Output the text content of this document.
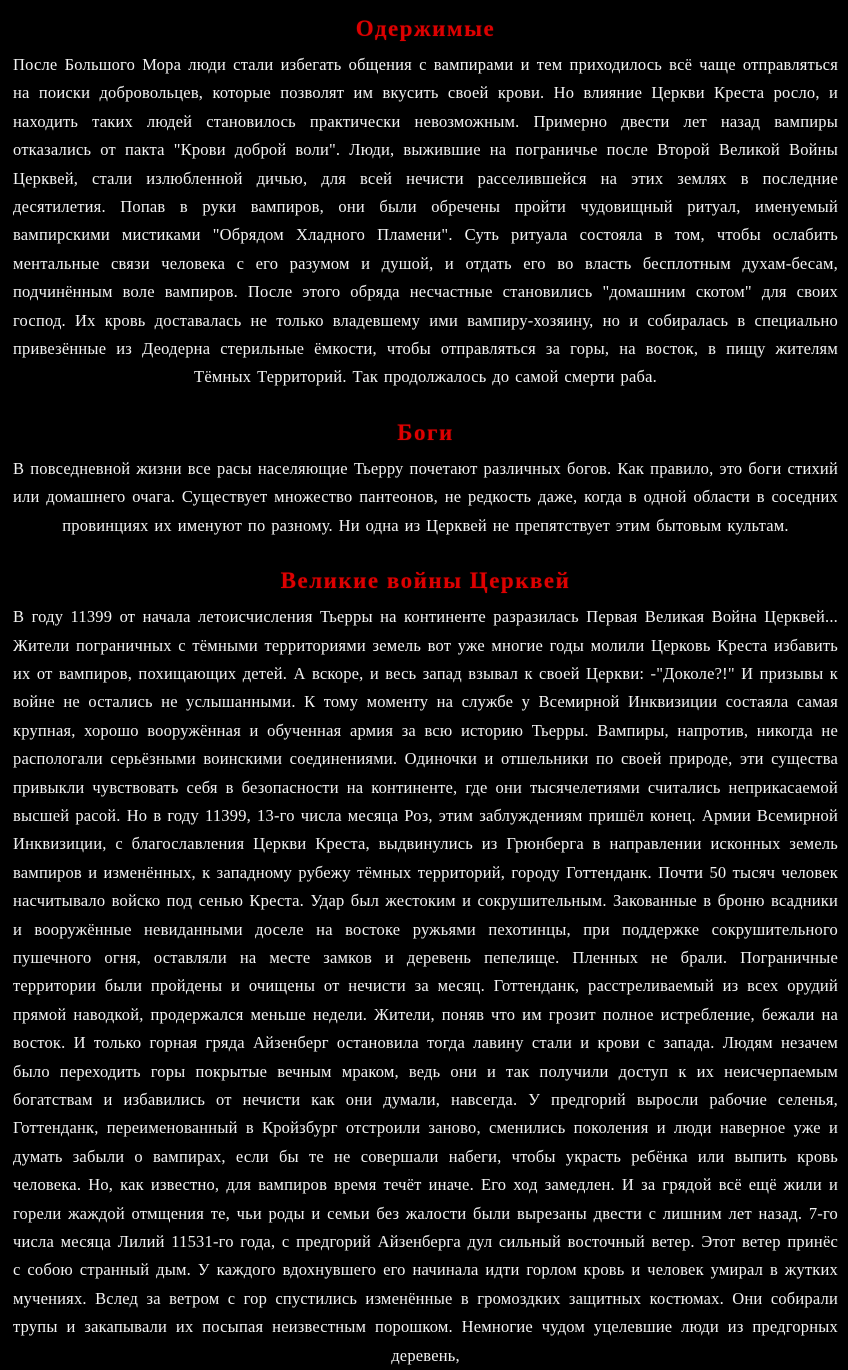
Одержимые

После Большого Мора люди стали избегать общения с вампирами и тем приходилось всё чаще отправляться на поиски добровольцев, которые позволят им вкусить своей крови. Но влияние Церкви Креста росло, и находить таких людей становилось практически невозможным. Примерно двести лет назад вампиры отказались от пакта "Крови доброй воли". Люди, выжившие на пограничье после Второй Великой Войны Церквей, стали излюбленной дичью, для всей нечисти расселившейся на этих землях в последние десятилетия. Попав в руки вампиров, они были обречены пройти чудовищный ритуал, именуемый вампирскими мистиками "Обрядом Хладного Пламени". Суть ритуала состояла в том, чтобы ослабить ментальные связи человека с его разумом и душой, и отдать его во власть бесплотным духам-бесам, подчинённым воле вампиров. После этого обряда несчастные становились "домашним скотом" для своих господ. Их кровь доставалась не только владевшему ими вампиру-хозяину, но и собиралась в специально привезённые из Деодерна стерильные ёмкости, чтобы отправляться за горы, на восток, в пищу жителям Тёмных Территорий. Так продолжалось до самой смерти раба.

Боги

В повседневной жизни все расы населяющие Тьерру почетают различных богов. Как правило, это боги стихий или домашнего очага. Существует множество пантеонов, не редкость даже, когда в одной области в соседних провинциях их именуют по разному. Ни одна из Церквей не препятствует этим бытовым культам.

Великие войны Церквей

В году 11399 от начала летоисчисления Тьерры на континенте разразилась Первая Великая Война Церквей... Жители пограничных с тёмными территориями земель вот уже многие годы молили Церковь Креста избавить их от вампиров, похищающих детей. А вскоре, и весь запад взывал к своей Церкви: -"Доколе?!" И призывы к войне не остались не услышанными. К тому моменту на службе у Всемирной Инквизиции состаяла самая крупная, хорошо вооружённая и обученная армия за всю историю Тьерры. Вампиры, напротив, никогда не распологали серьёзными воинскими соединениями. Одиночки и отшельники по своей природе, эти существа привыкли чувствовать себя в безопасности на континенте, где они тысячелетиями считались неприкасаемой высшей расой. Но в году 11399, 13-го числа месяца Роз, этим заблуждениям пришёл конец. Армии Всемирной Инквизиции, с благославления Церкви Креста, выдвинулись из Грюнберга в направлении исконных земель вампиров и изменённых, к западному рубежу тёмных территорий, городу Готтенданк. Почти 50 тысяч человек насчитывало войско под сенью Креста. Удар был жестоким и сокрушительным. Закованные в броню всадники и вооружённые невиданными доселе на востоке ружьями пехотинцы, при поддержке сокрушительного пушечного огня, оставляли на месте замков и деревень пепелище. Пленных не брали. Пограничные территории были пройдены и очищены от нечисти за месяц. Готтенданк, расстреливаемый из всех орудий прямой наводкой, продержался меньше недели. Жители, поняв что им грозит полное истребление, бежали на восток. И только горная гряда Айзенберг остановила тогда лавину стали и крови с запада. Людям незачем было переходить горы покрытые вечным мраком, ведь они и так получили доступ к их неисчерпаемым богатствам и избавились от нечисти как они думали, навсегда. У предгорий выросли рабочие селенья, Готтенданк, переименованный в Кройзбург отстроили заново, сменились поколения и люди наверное уже и думать забыли о вампирах, если бы те не совершали набеги, чтобы украсть ребёнка или выпить кровь человека. Но, как известно, для вампиров время течёт иначе. Его ход замедлен. И за грядой всё ещё жили и горели жаждой отмщения те, чьи роды и семьи без жалости были вырезаны двести с лишним лет назад. 7-го числа месяца Лилий 11531-го года, с предгорий Айзенберга дул сильный восточный ветер. Этот ветер принёс с собою странный дым. У каждого вдохнувшего его начинала идти горлом кровь и человек умирал в жутких мучениях. Вслед за ветром с гор спустились изменённые в громоздких защитных костюмах. Они собирали трупы и закапывали их посыпая неизвестным порошком. Немногие чудом уцелевшие люди из предгорных деревень,
